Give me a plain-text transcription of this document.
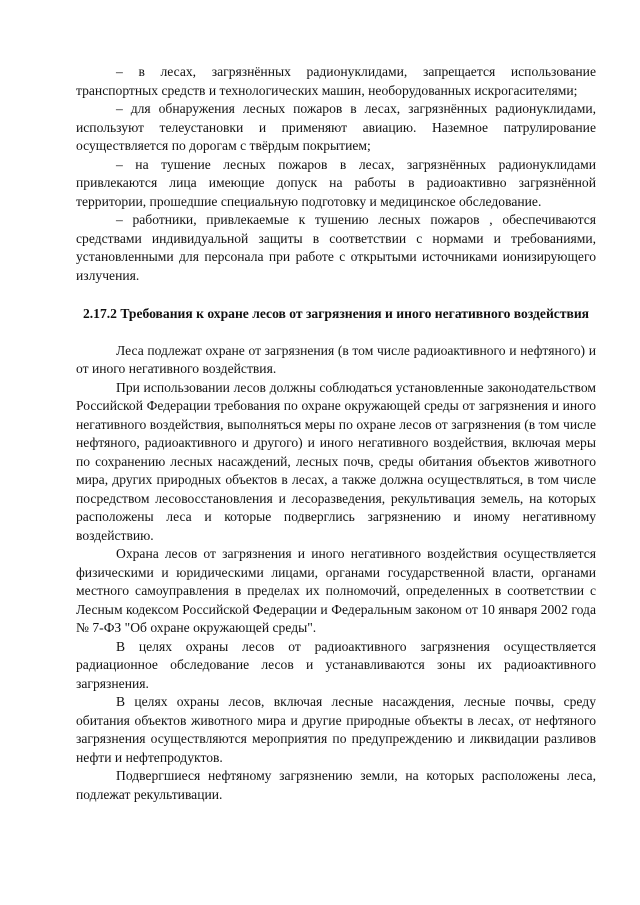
– в лесах, загрязнённых радионуклидами, запрещается использование транспортных средств и технологических машин, необорудованных искрогасителями;

– для обнаружения лесных пожаров в лесах, загрязнённых радионуклидами, используют телеустановки и применяют авиацию. Наземное патрулирование осуществляется по дорогам с твёрдым покрытием;

– на тушение лесных пожаров в лесах, загрязнённых радионуклидами привлекаются лица имеющие допуск на работы в радиоактивно загрязнённой территории, прошедшие специальную подготовку и медицинское обследование.

– работники, привлекаемые к тушению лесных пожаров , обеспечиваются средствами индивидуальной защиты в соответствии с нормами и требованиями, установленными для персонала при работе с открытыми источниками ионизирующего излучения.

2.17.2 Требования к охране лесов от загрязнения и иного негативного воздействия

Леса подлежат охране от загрязнения (в том числе радиоактивного и нефтяного) и от иного негативного воздействия.

При использовании лесов должны соблюдаться установленные законодательством Российской Федерации требования по охране окружающей среды от загрязнения и иного негативного воздействия, выполняться меры по охране лесов от загрязнения (в том числе нефтяного, радиоактивного и другого) и иного негативного воздействия, включая меры по сохранению лесных насаждений, лесных почв, среды обитания объектов животного мира, других природных объектов в лесах, а также должна осуществляться, в том числе посредством лесовосстановления и лесоразведения, рекультивация земель, на которых расположены леса и которые подверглись загрязнению и иному негативному воздействию.

Охрана лесов от загрязнения и иного негативного воздействия осуществляется физическими и юридическими лицами, органами государственной власти, органами местного самоуправления в пределах их полномочий, определенных в соответствии с Лесным кодексом Российской Федерации и Федеральным законом от 10 января 2002 года № 7-ФЗ "Об охране окружающей среды".

В целях охраны лесов от радиоактивного загрязнения осуществляется радиационное обследование лесов и устанавливаются зоны их радиоактивного загрязнения.

В целях охраны лесов, включая лесные насаждения, лесные почвы, среду обитания объектов животного мира и другие природные объекты в лесах, от нефтяного загрязнения осуществляются мероприятия по предупреждению и ликвидации разливов нефти и нефтепродуктов.

Подвергшиеся нефтяному загрязнению земли, на которых расположены леса, подлежат рекультивации.
